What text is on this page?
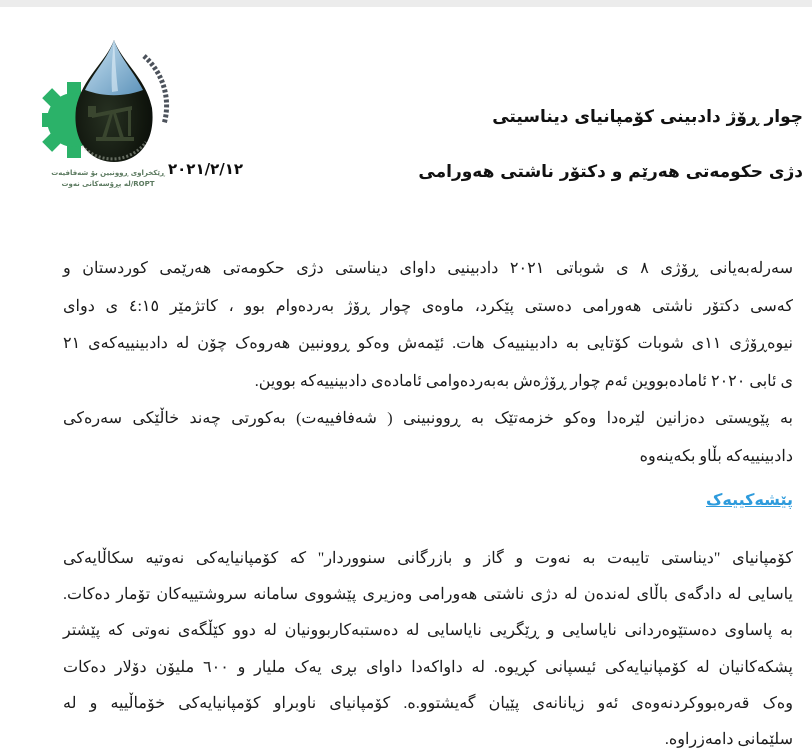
ڕێکخراوی ڕوونبین بۆ شەفافیەت
ROPT/لە پڕۆسەکانی نەوت
چوار ڕۆژ دادبینی کۆمپانیای دیناسیتی
دژی حکومەتی هەرێم و دکتۆر ناشتی هەورامی
٢٠٢١/٢/١٢
سەرلەبەیانی ڕۆژی ٨ ی شوباتی ٢٠٢١ دادبینیی داوای دیناستی دژی حکومەتی هەرێمی کوردستان و
کەسی دکتۆر ناشتی هەورامی دەستی پێکرد، ماوەی چوار ڕۆژ بەردەوام بوو ، کاتژمێر ٤:١٥ ی دوای
نیوەڕۆژی ١١ی شوبات کۆتایی بە دادبینییەک هات. ئێمەش وەکو ڕوونبین هەروەک چۆن لە دادبینییەکەی ٢١
ی ئابی ٢٠٢٠ ئامادەبووین ئەم چوار ڕۆژەش بەبەردەوامی ئامادەی دادبینییەکە بووین.
بە پێویستی دەزانین لێرەدا وەکو خزمەتێک بە ڕوونبینی ( شەفافییەت) بەکورتی چەند خاڵێکی سەرەکی
دادبینییەکە بڵاو بکەینەوە
پێشەکییەک
کۆمپانیای "دیناستی تایبەت بە نەوت و گاز و بازرگانی سنووردار" کە کۆمپانیایەکی نەوتیە سکاڵایەکی
یاسایی لە دادگەی باڵای لەندەن لە دژی ناشتی هەورامی وەزیری پێشووی سامانە سروشتییەکان تۆمار دەکات.
بە پاساوی دەستێوەردانی نایاسایی و ڕێگریی نایاسایی لە دەستبەکاربوونیان لە دوو کێڵگەی نەوتی کە پێشتر
پشکەکانیان لە کۆمپانیایەکی ئیسپانی کڕیوە. لە داواکەدا داوای بڕی یەک ملیار و ٦٠٠ ملیۆن دۆلار دەکات
وەک قەرەبووکردنەوەی ئەو زیانانەی پێیان گەیشتوو.ە. کۆمپانیای ناوبراو کۆمپانیایەکی خۆماڵییە و لە
سلێمانی دامەزراوە.
